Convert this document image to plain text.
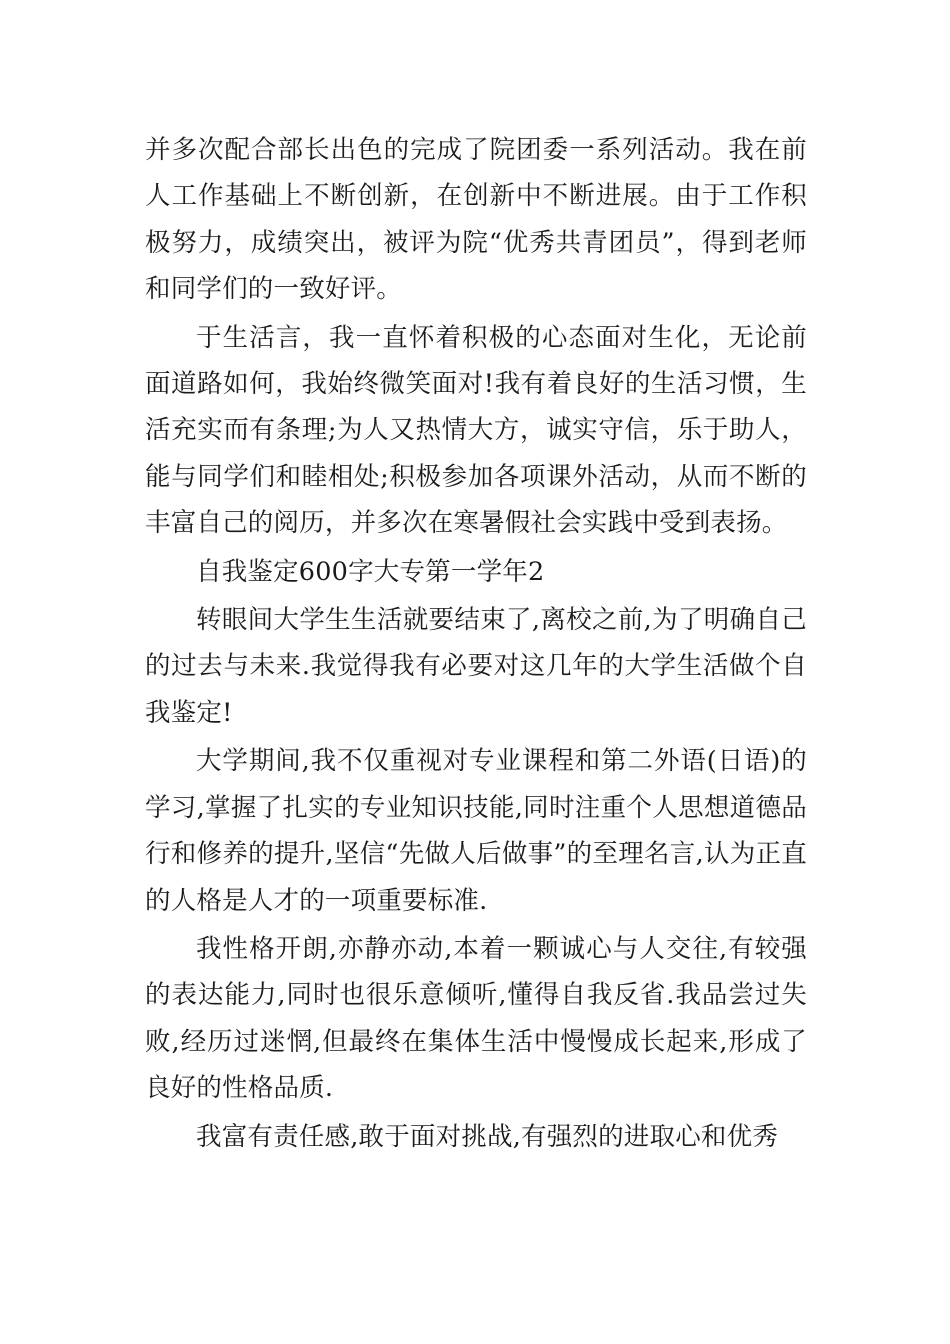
并多次配合部长出色的完成了院团委一系列活动。我在前人工作基础上不断创新，在创新中不断进展。由于工作积极努力，成绩突出，被评为院“优秀共青团员”，得到老师和同学们的一致好评。

于生活言，我一直怀着积极的心态面对生化，无论前面道路如何，我始终微笑面对!我有着良好的生活习惯，生活充实而有条理;为人又热情大方，诚实守信，乐于助人，能与同学们和睦相处;积极参加各项课外活动，从而不断的丰富自己的阅历，并多次在寒暑假社会实践中受到表扬。

自我鉴定600字大专第一学年2

转眼间大学生生活就要结束了,离校之前,为了明确自己的过去与未来.我觉得我有必要对这几年的大学生活做个自我鉴定!

大学期间,我不仅重视对专业课程和第二外语(日语)的学习,掌握了扎实的专业知识技能,同时注重个人思想道德品行和修养的提升,坚信“先做人后做事”的至理名言,认为正直的人格是人才的一项重要标准.

我性格开朗,亦静亦动,本着一颗诚心与人交往,有较强的表达能力,同时也很乐意倾听,懂得自我反省.我品尝过失败,经历过迷惘,但最终在集体生活中慢慢成长起来,形成了良好的性格品质.

我富有责任感,敢于面对挑战,有强烈的进取心和优秀
